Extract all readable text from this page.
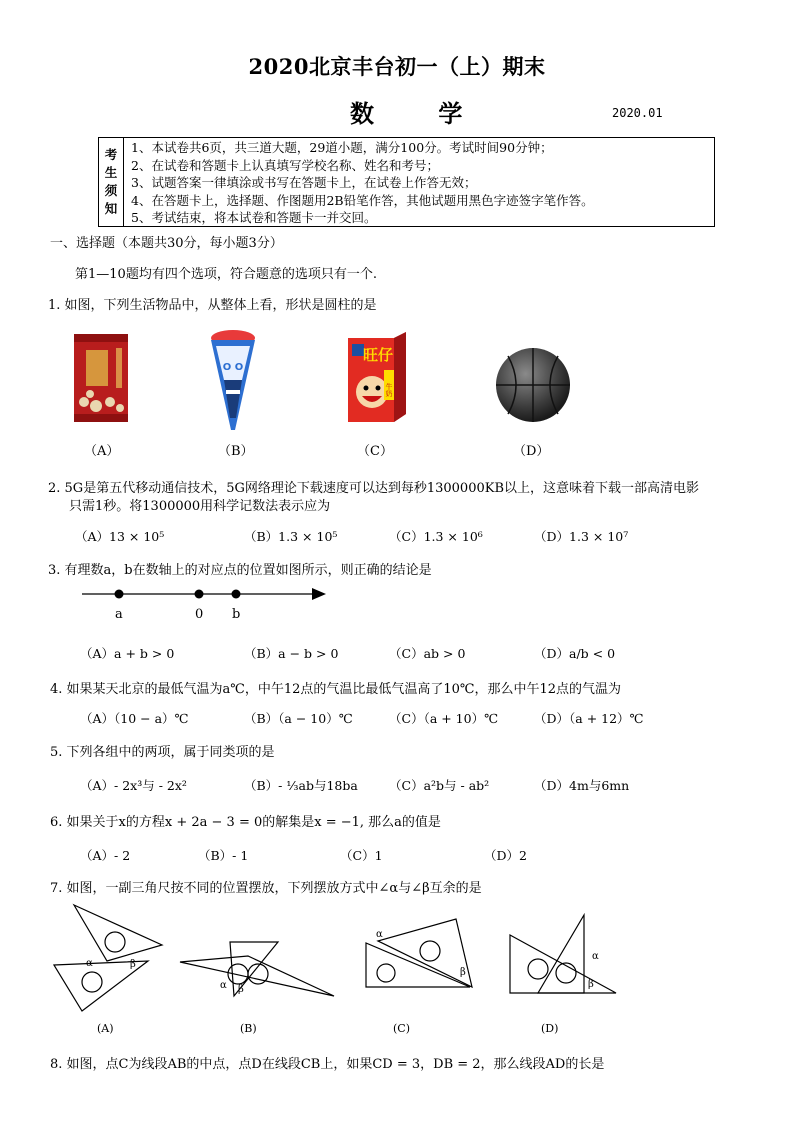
2020北京丰台初一（上）期末
数 学	2020.01
考
生
须
知
1、本试卷共6页，共三道大题，29道小题，满分100分。考试时间90分钟；
2、在试卷和答题卡上认真填写学校名称、姓名和考号；
3、试题答案一律填涂或书写在答题卡上，在试卷上作答无效；
4、在答题卡上，选择题、作图题用2B铅笔作答，其他试题用黑色字迹签字笔作答。
5、考试结束，将本试卷和答题卡一并交回。
一、选择题（本题共30分，每小题3分）
第1—10题均有四个选项，符合题意的选项只有一个.
1. 如图，下列生活物品中，从整体上看，形状是圆柱的是
（A）
O O
（B）
旺仔
牛奶
（C）	（D）
2. 5G是第五代移动通信技术，5G网络理论下载速度可以达到每秒1300000KB以上，这意味着下载一部高清电影
只需1秒。将1300000用科学记数法表示应为
（A）13 × 10⁵	（B）1.3 × 10⁵	（C）1.3 × 10⁶	（D）1.3 × 10⁷
3. 有理数a，b在数轴上的对应点的位置如图所示，则正确的结论是
a	0 b
（A）a + b > 0	（B）a − b > 0	（C）ab > 0	（D）a/b < 0
4. 如果某天北京的最低气温为a℃，中午12点的气温比最低气温高了10℃，那么中午12点的气温为
（A）（10 − a）℃	（B）（a − 10）℃	（C）（a + 10）℃	（D）（a + 12）℃
5. 下列各组中的两项，属于同类项的是
（A）- 2x³与 - 2x²	（B）- ⅓ab与18ba （C）a²b与 - ab²	（D）4m与6mn
6. 如果关于x的方程x + 2a − 3 = 0的解集是x = −1, 那么a的值是
（A）- 2	（B）- 1	（C）1	（D）2
7. 如图，一副三角尺按不同的位置摆放，下列摆放方式中∠α与∠β互余的是
α	β
(A)
α β
(B)
α
β
(C)
α
β
(D)
8. 如图，点C为线段AB的中点，点D在线段CB上，如果CD = 3，DB = 2，那么线段AD的长是
